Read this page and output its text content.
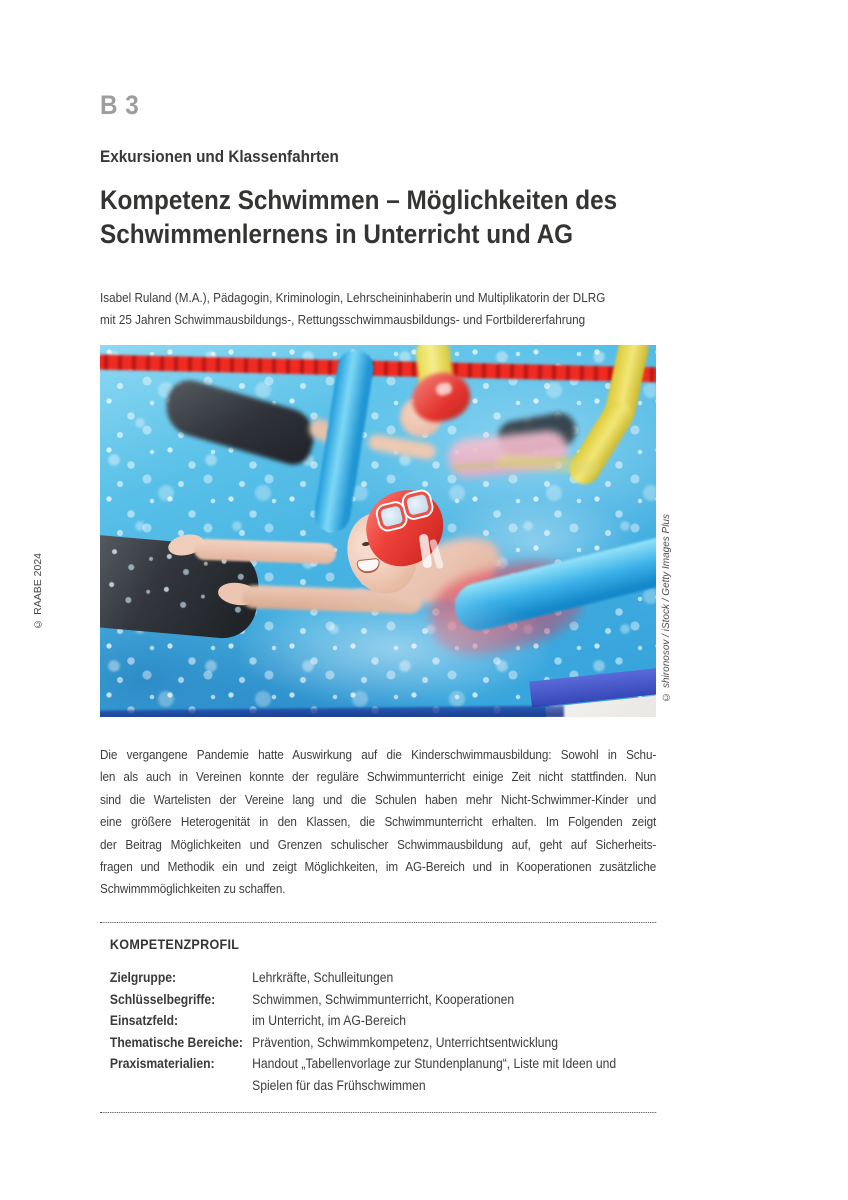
© RAABE 2024
B 3
Exkursionen und Klassenfahrten
Kompetenz Schwimmen – Möglichkeiten des Schwimmenlernens in Unterricht und AG
Isabel Ruland (M.A.), Pädagogin, Kriminologin, Lehrscheininhaberin und Multiplikatorin der DLRG
mit 25 Jahren Schwimmausbildungs-, Rettungsschwimmausbildungs- und Fortbildererfahrung
© shironosov / iStock / Getty Images Plus
Die vergangene Pandemie hatte Auswirkung auf die Kinderschwimmausbildung: Sowohl in Schu-
len als auch in Vereinen konnte der reguläre Schwimmunterricht einige Zeit nicht stattfinden. Nun
sind die Wartelisten der Vereine lang und die Schulen haben mehr Nicht-Schwimmer-Kinder und
eine größere Heterogenität in den Klassen, die Schwimmunterricht erhalten. Im Folgenden zeigt
der Beitrag Möglichkeiten und Grenzen schulischer Schwimmausbildung auf, geht auf Sicherheits-
fragen und Methodik ein und zeigt Möglichkeiten, im AG-Bereich und in Kooperationen zusätzliche
Schwimmmöglichkeiten zu schaffen.
KOMPETENZPROFIL
Zielgruppe:	Lehrkräfte, Schulleitungen
Schlüsselbegriffe:	Schwimmen, Schwimmunterricht, Kooperationen
Einsatzfeld:	im Unterricht, im AG-Bereich
Thematische Bereiche: Prävention, Schwimmkompetenz, Unterrichtsentwicklung
Praxismaterialien:	Handout „Tabellenvorlage zur Stundenplanung“, Liste mit Ideen und Spielen für das Frühschwimmen
